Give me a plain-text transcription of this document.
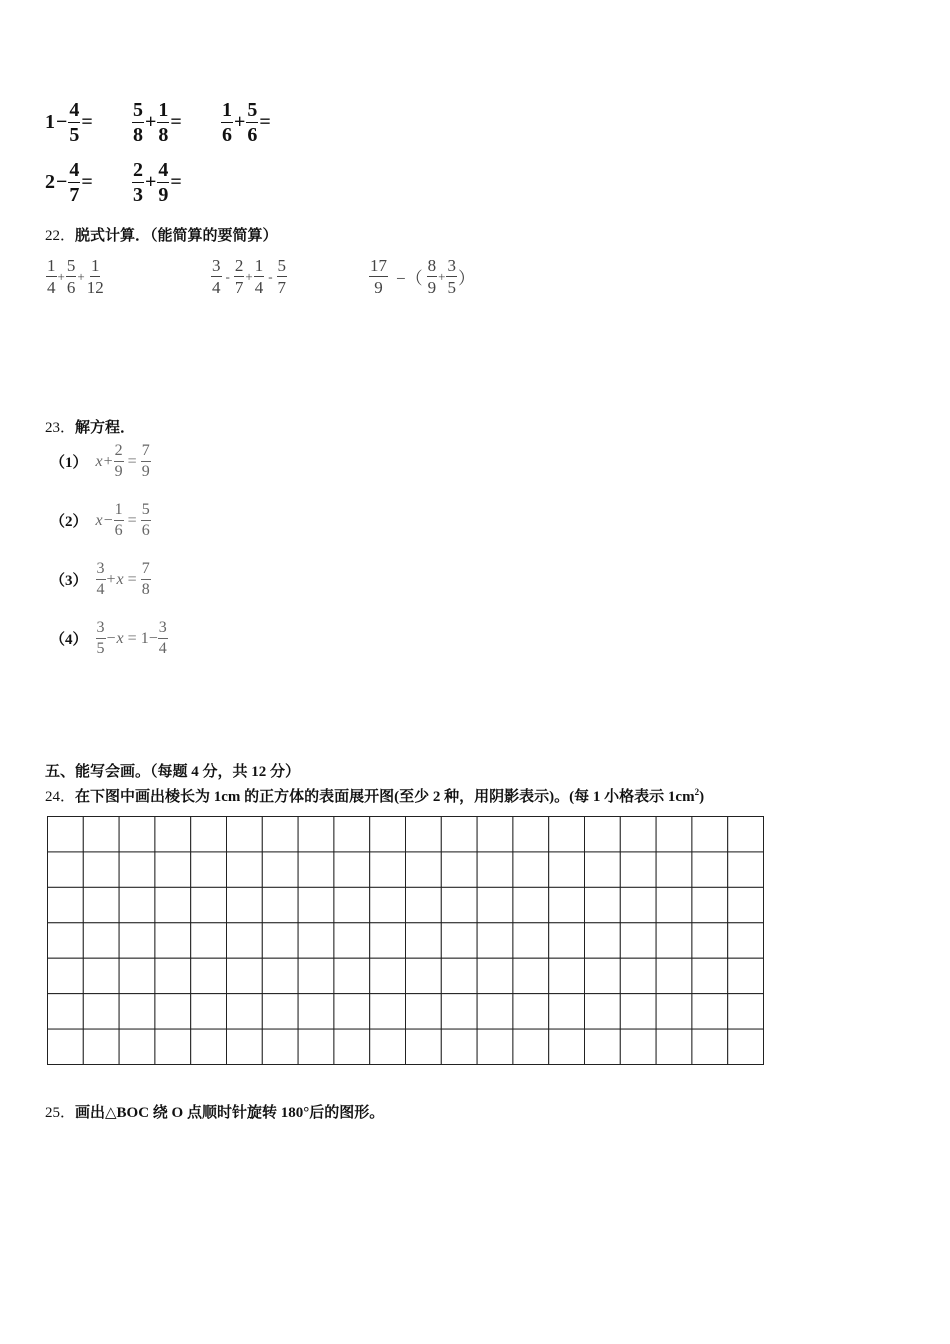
$1 - \frac{4}{5} = \frac{5}{8} + \frac{1}{8} = \frac{1}{6} + \frac{5}{6}$ =
$2 - \frac{4}{7} = \frac{2}{3} + \frac{4}{9}$ =
22．脱式计算．（能简算的要简算）
$\frac{1}{4} + \frac{5}{6} + \frac{1}{12}$	$\frac{3}{4} - \frac{2}{7} + \frac{1}{4} - \frac{5}{7}$	$\frac{17}{9}$ −（ $\frac{8}{9} + \frac{3}{5}$ ）
23．解方程．
（1） $x + \frac{2}{9} = \frac{7}{9}$
（2） $x - \frac{1}{6} = \frac{5}{6}$
$(3) \frac{3}{4} + x = \frac{7}{8}$
$(4) \frac{3}{5} - x = 1- \frac{3}{4}$
五、能写会画。（每题 4 分，共 12 分）
24．在下图中画出棱长为 1cm 的正方体的表面展开图(至少 2 种，用阴影表示)。(每 1 小格表示 $1cm^2$)
25．画出△BOC 绕 O 点顺时针旋转 180°后的图形。
